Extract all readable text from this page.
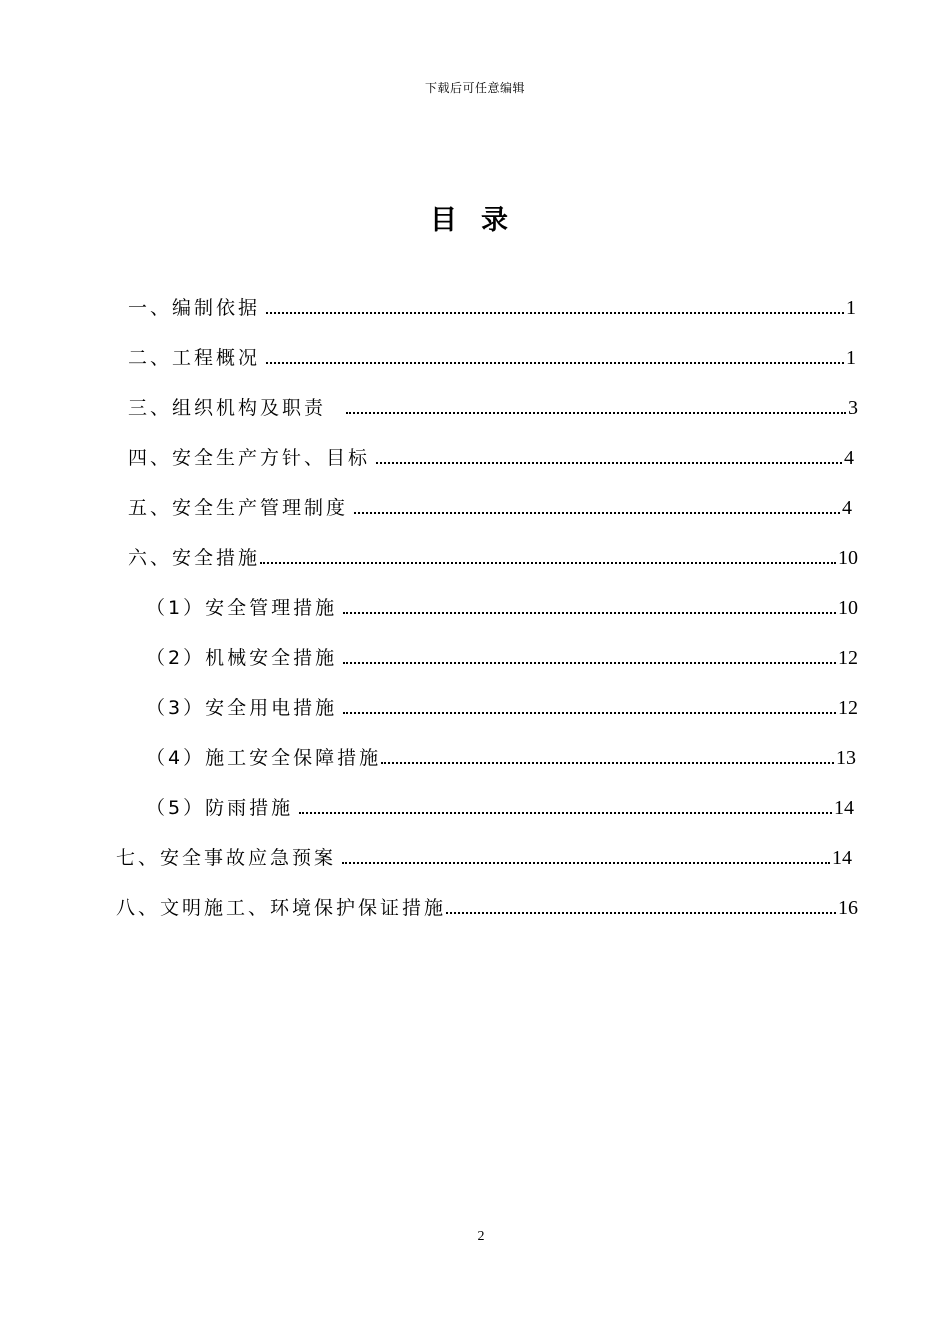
下载后可任意编辑
目录
一、编制依据	1
二、工程概况	1
三、组织机构及职责	3
四、安全生产方针、目标	4
五、安全生产管理制度	4
六、安全措施	10
（1）安全管理措施	10
（2）机械安全措施	12
（3）安全用电措施	12
（4）施工安全保障措施	13
（5）防雨措施	14
七、安全事故应急预案	14
八、文明施工、环境保护保证措施	16
2
